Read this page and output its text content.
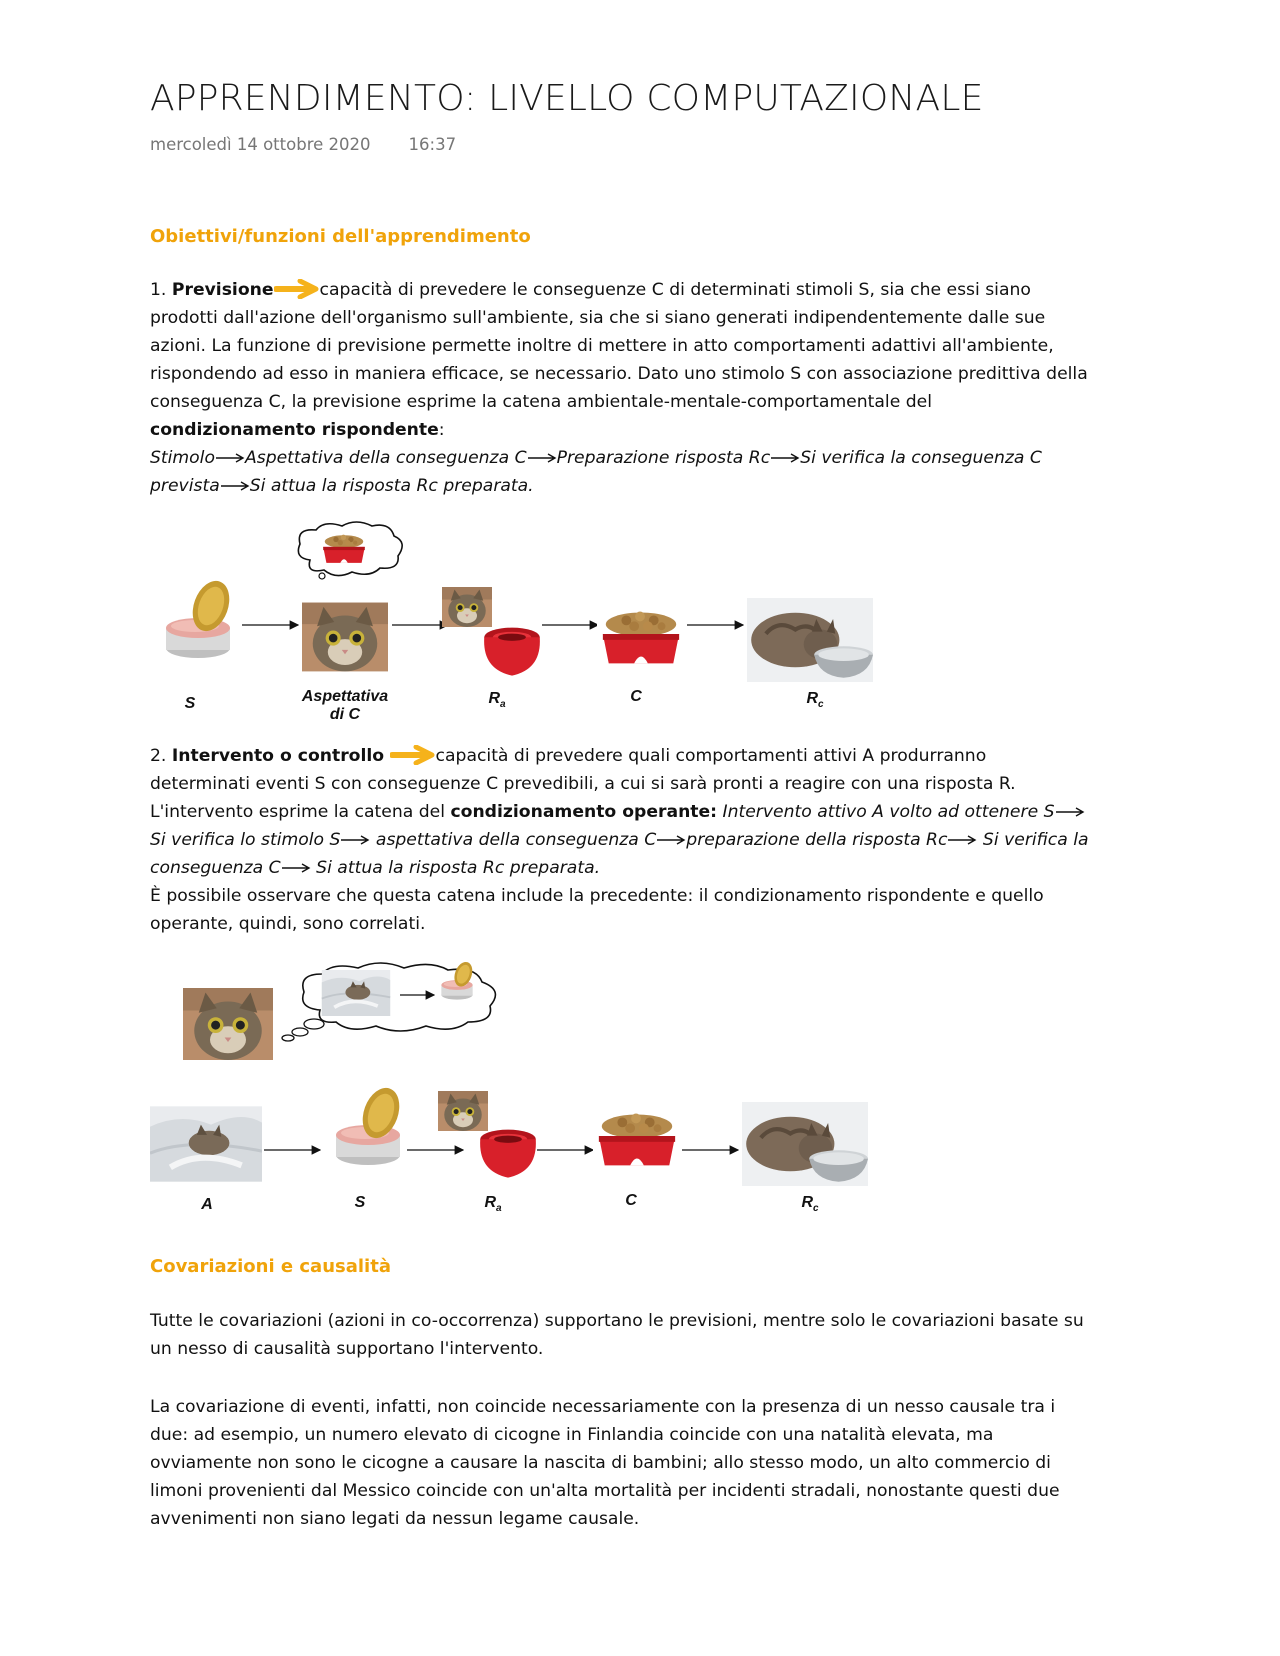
APPRENDIMENTO: LIVELLO COMPUTAZIONALE
mercoledì 14 ottobre 2020 16:37
Obiettivi/funzioni dell'apprendimento
1. Previsione	capacità di prevedere le conseguenze C di determinati stimoli S, sia che essi siano prodotti dall'azione dell'organismo sull'ambiente, sia che si siano generati indipendentemente dalle sue azioni. La funzione di previsione permette inoltre di mettere in atto comportamenti adattivi all'ambiente, rispondendo ad esso in maniera efficace, se necessario. Dato uno stimolo S con associazione predittiva della conseguenza C, la previsione esprime la catena ambientale-mentale-comportamentale del condizionamento rispondente:
Stimolo Aspettativa della conseguenza C Preparazione risposta Rc Si verifica la conseguenza C prevista Si attua la risposta Rc preparata.
S	Aspettativa
di C
$R_a$	C	$R_c$
2. Intervento o controllo	capacità di prevedere quali comportamenti attivi A produrranno determinati eventi S con conseguenze C prevedibili, a cui si sarà pronti a reagire con una risposta R. L'intervento esprime la catena del condizionamento operante: Intervento attivo A volto ad ottenere S Si verifica lo stimolo S aspettativa della conseguenza C preparazione della risposta Rc Si verifica la conseguenza C Si attua la risposta Rc preparata.
È possibile osservare che questa catena include la precedente: il condizionamento rispondente e quello operante, quindi, sono correlati.
A	S	$R_a$	C	$R_c$
Covariazioni e causalità
Tutte le covariazioni (azioni in co-occorrenza) supportano le previsioni, mentre solo le covariazioni basate su un nesso di causalità supportano l'intervento.
La covariazione di eventi, infatti, non coincide necessariamente con la presenza di un nesso causale tra i due: ad esempio, un numero elevato di cicogne in Finlandia coincide con una natalità elevata, ma ovviamente non sono le cicogne a causare la nascita di bambini; allo stesso modo, un alto commercio di limoni provenienti dal Messico coincide con un'alta mortalità per incidenti stradali, nonostante questi due avvenimenti non siano legati da nessun legame causale.
